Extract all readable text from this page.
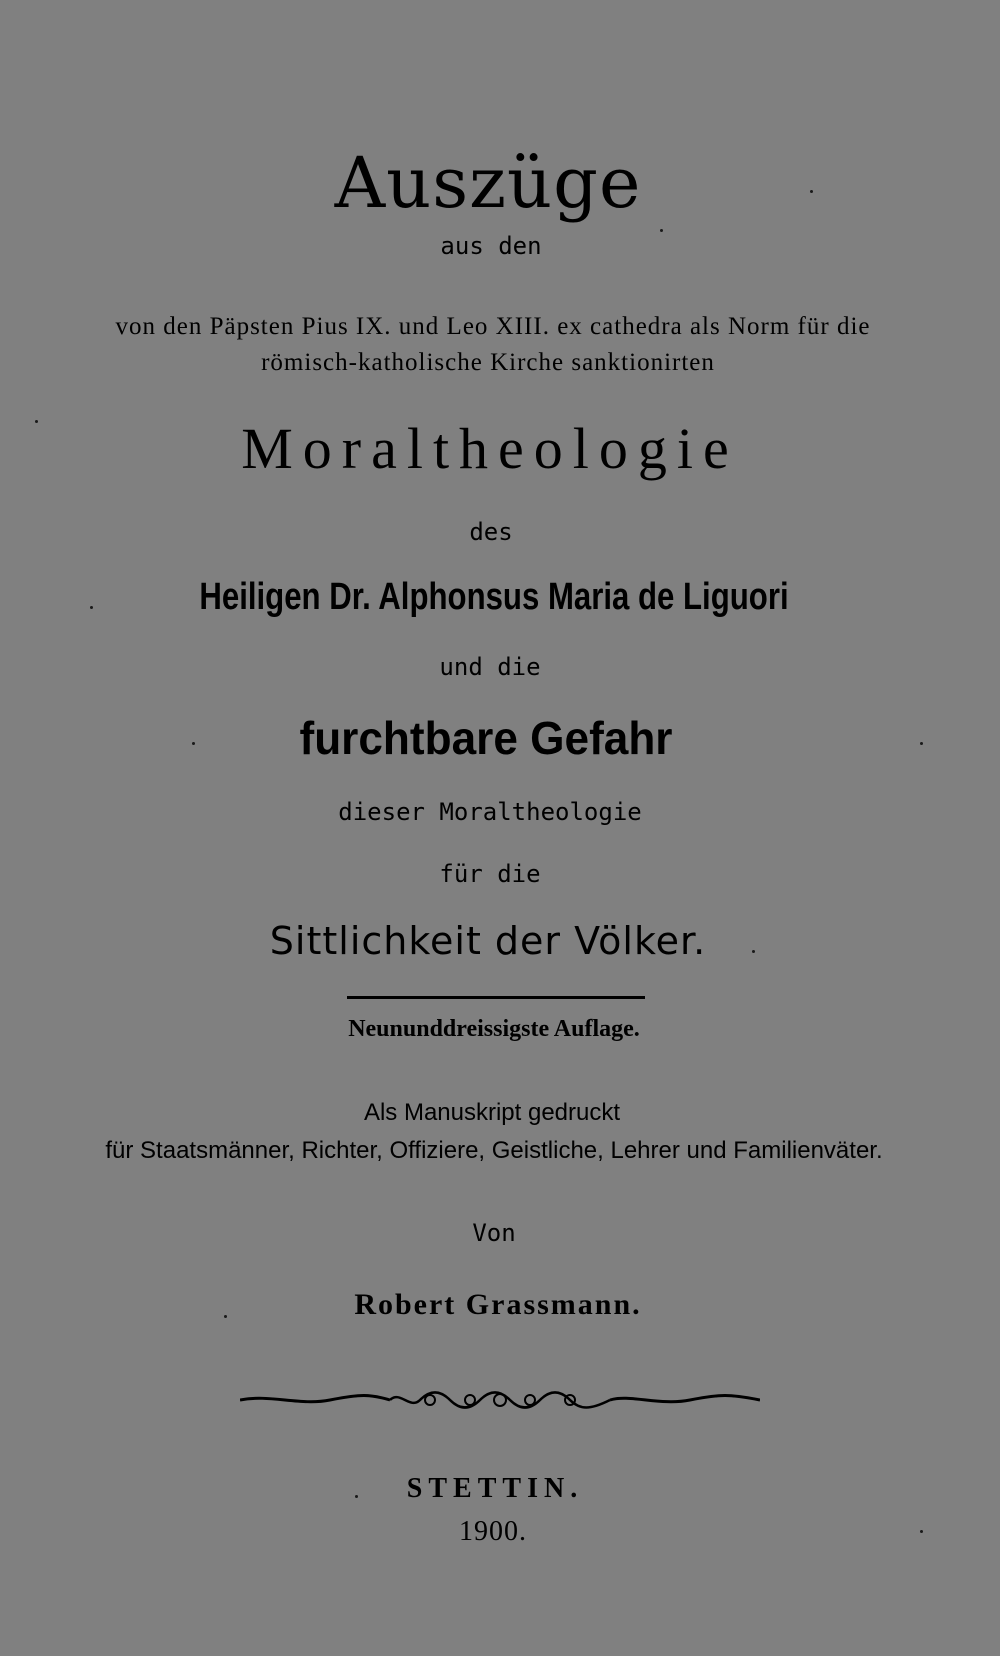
Auszüge
aus den
von den Päpsten Pius IX. und Leo XIII. ex cathedra als Norm für die
römisch-katholische Kirche sanktionirten
Moraltheologie
des
Heiligen Dr. Alphonsus Maria de Liguori
und die
furchtbare Gefahr
dieser Moraltheologie
für die
Sittlichkeit der Völker.
Neununddreissigste Auflage.
Als Manuskript gedruckt
für Staatsmänner, Richter, Offiziere, Geistliche, Lehrer und Familienväter.
Von
Robert Grassmann.
STETTIN.
1900.
